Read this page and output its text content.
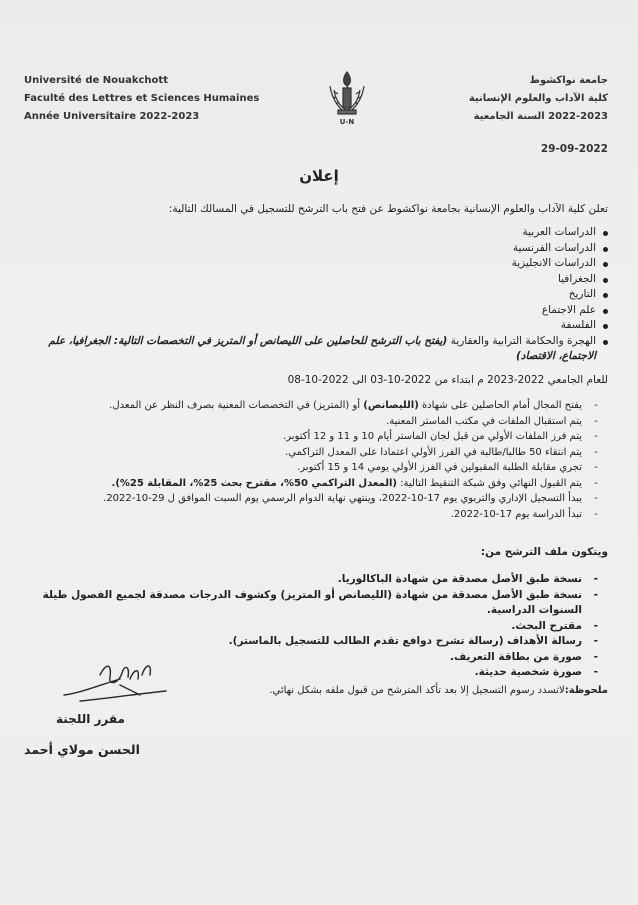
Université de Nouakchott
Faculté des Lettres et Sciences Humaines
Année Universitaire 2022-2023	U-N
جامعة نواكشوط
كلية الآداب والعلوم الإنسانية
السنة الجامعية 2022-2023
29-09-2022
إعلان
تعلن كلية الآداب والعلوم الإنسانية بجامعة نواكشوط عن فتح باب الترشح للتسجيل في المسالك التالية:
الدراسات العربية
الدراسات الفرنسية
الدراسات الانجليزية
الجغرافيا
التاريخ
علم الاجتماع
الفلسفة
الهجرة والحكامة الترابية والعقارية (يفتح باب الترشح للحاصلين على الليصانص أو المتريز في التخصصات التالية: الجغرافيا، علم الاجتماع، الاقتصاد)
للعام الجامعي 2022-2023 م ابتداء من 03-10-2022 الى 08-10-2022
- يفتح المجال أمام الحاصلين على شهادة (الليصانص) أو (المتريز) في التخصصات المعنية بصرف النظر عن المعدل.
- يتم استقبال الملفات في مكتب الماستر المعنية.
- يتم فرز الملفات الأولي من قبل لجان الماستر أيام 10 و 11 و 12 أكتوبر.
- يتم انتقاء 50 طالبا/طالبة في الفرز الأولي اعتمادا على المعدل التراكمي.
- تجري مقابلة الطلبة المقبولين في الفرز الأولي يومي 14 و 15 أكتوبر.
- يتم القبول النهائي وفق شبكة التنقيط التالية: (المعدل التراكمي 50%، مقترح بحث 25%، المقابلة 25%).
- يبدأ التسجيل الإداري والتربوي يوم 17-10-2022، وينتهي نهاية الدوام الرسمي يوم السبت الموافق ل 29-10-2022.
- تبدأ الدراسة يوم 17-10-2022.
ويتكون ملف الترشح من:
- نسخة طبق الأصل مصدقة من شهادة الباكالوريا.
- نسخة طبق الأصل مصدقة من شهادة (الليصانص أو المتريز) وكشوف الدرجات مصدقة لجميع الفصول طيلة السنوات الدراسية.
- مقترح البحث.
- رسالة الأهداف (رسالة تشرح دوافع تقدم الطالب للتسجيل بالماستر).
- صورة من بطاقة التعريف.
- صورة شخصية حديثة.
ملحوظة:لاتسدد رسوم التسجيل إلا بعد تأكد المترشح من قبول ملفه بشكل نهائي.
مقرر اللجنة
الحسن مولاي أحمد
